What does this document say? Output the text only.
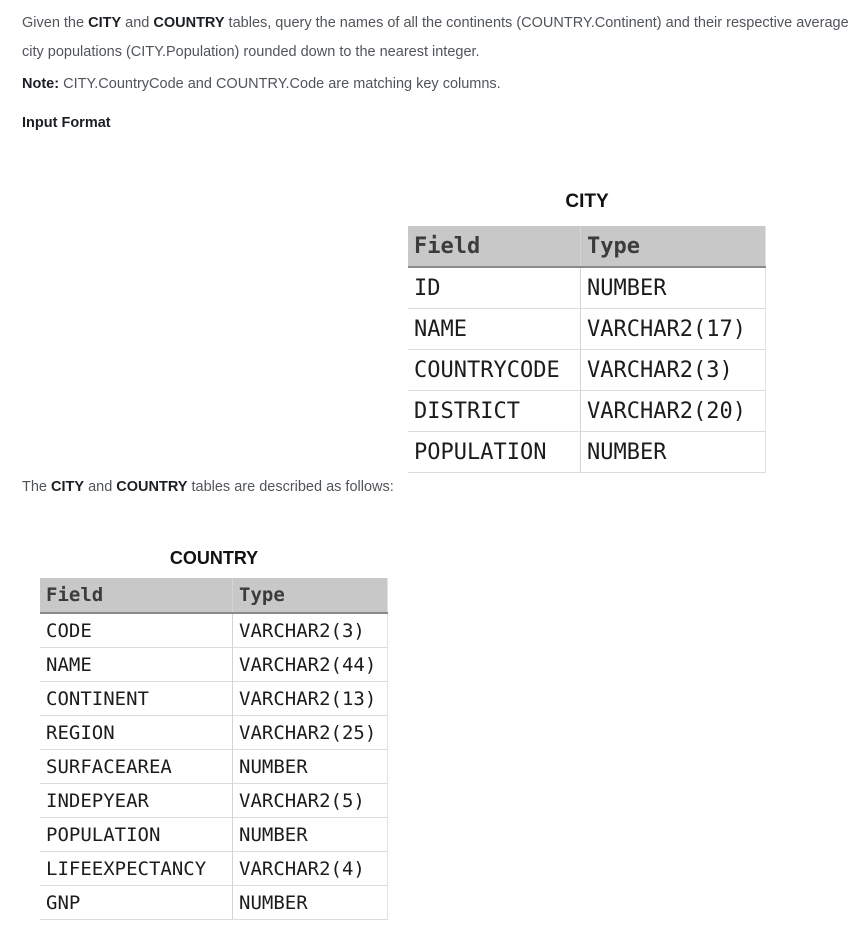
Given the CITY and COUNTRY tables, query the names of all the continents (COUNTRY.Continent) and their respective average city populations (CITY.Population) rounded down to the nearest integer.
Note: CITY.CountryCode and COUNTRY.Code are matching key columns.
Input Format
CITY
Field	Type
ID	NUMBER
NAME	VARCHAR2(17)
COUNTRYCODE	VARCHAR2(3)
DISTRICT	VARCHAR2(20)
POPULATION	NUMBER
The CITY and COUNTRY tables are described as follows:
COUNTRY
Field	Type
CODE	VARCHAR2(3)
NAME	VARCHAR2(44)
CONTINENT	VARCHAR2(13)
REGION	VARCHAR2(25)
SURFACEAREA	NUMBER
INDEPYEAR	VARCHAR2(5)
POPULATION	NUMBER
LIFEEXPECTANCY	VARCHAR2(4)
GNP	NUMBER
